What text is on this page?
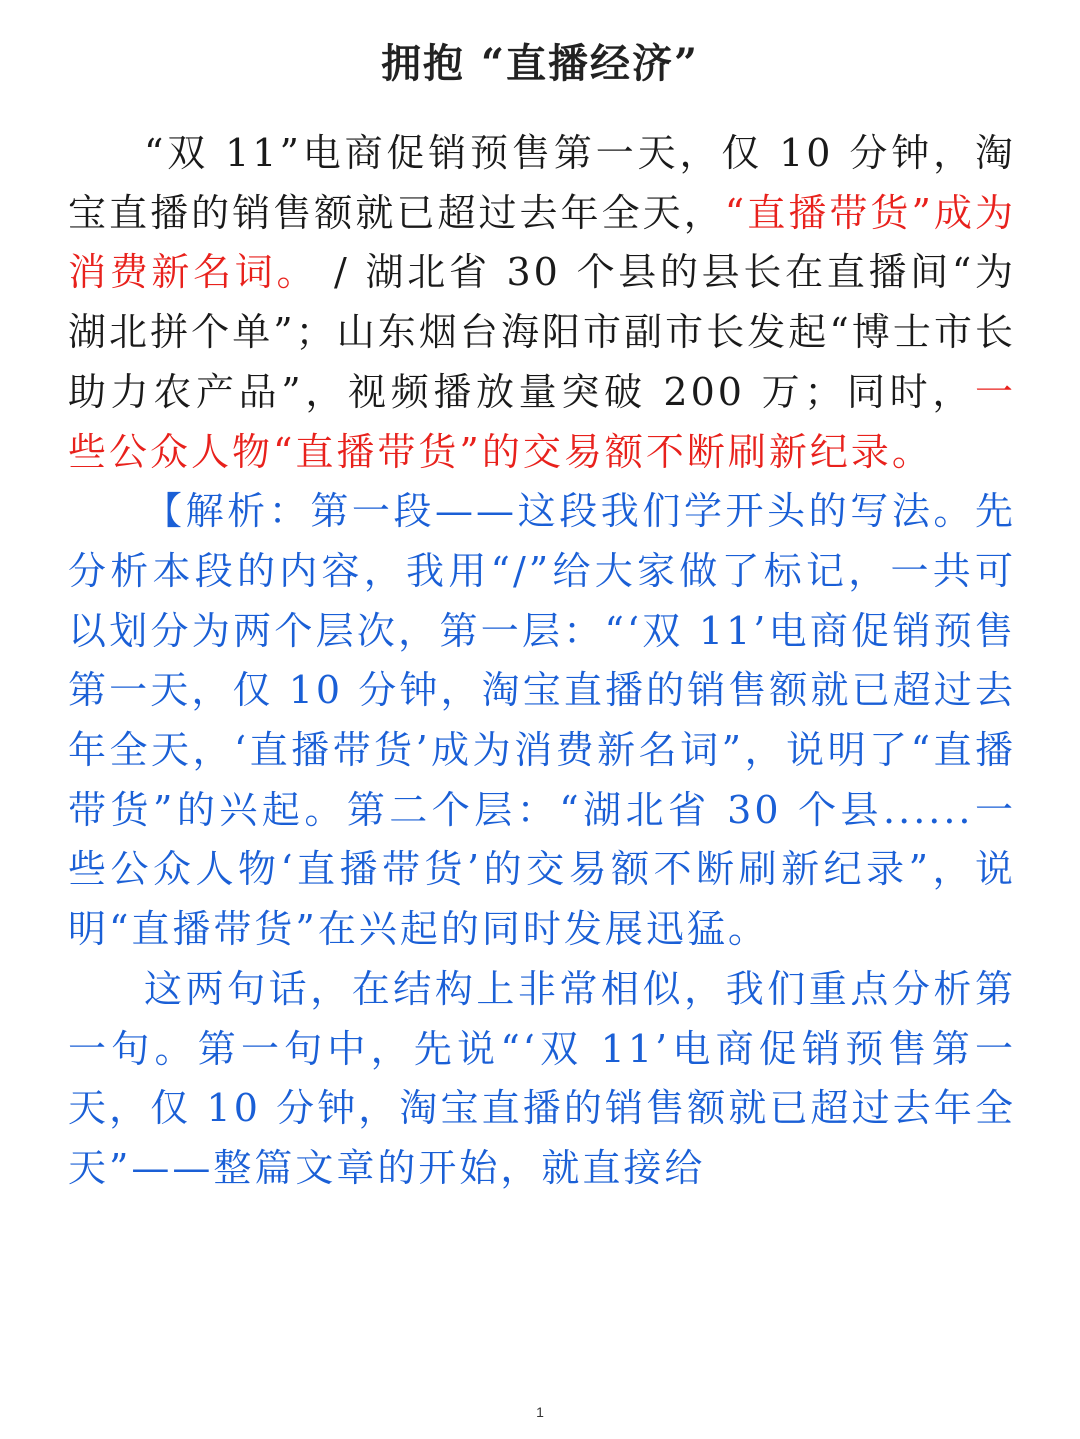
拥抱 “直播经济”

“双 11”电商促销预售第一天，仅 10 分钟，淘宝直播的销售额就已超过去年全天，“直播带货”成为消费新名词。 / 湖北省 30 个县的县长在直播间“为湖北拼个单”；山东烟台海阳市副市长发起“博士市长助力农产品”，视频播放量突破 200 万；同时，一些公众人物“直播带货”的交易额不断刷新纪录。

【解析：第一段——这段我们学开头的写法。先分析本段的内容，我用“/”给大家做了标记，一共可以划分为两个层次，第一层：“‘双 11’电商促销预售第一天，仅 10 分钟，淘宝直播的销售额就已超过去年全天，‘直播带货’成为消费新名词”，说明了“直播带货”的兴起。第二个层：“湖北省 30 个县......一些公众人物‘直播带货’的交易额不断刷新纪录”，说明“直播带货”在兴起的同时发展迅猛。

这两句话，在结构上非常相似，我们重点分析第一句。第一句中，先说“‘双 11’电商促销预售第一天，仅 10 分钟，淘宝直播的销售额就已超过去年全天”——整篇文章的开始，就直接给

1
